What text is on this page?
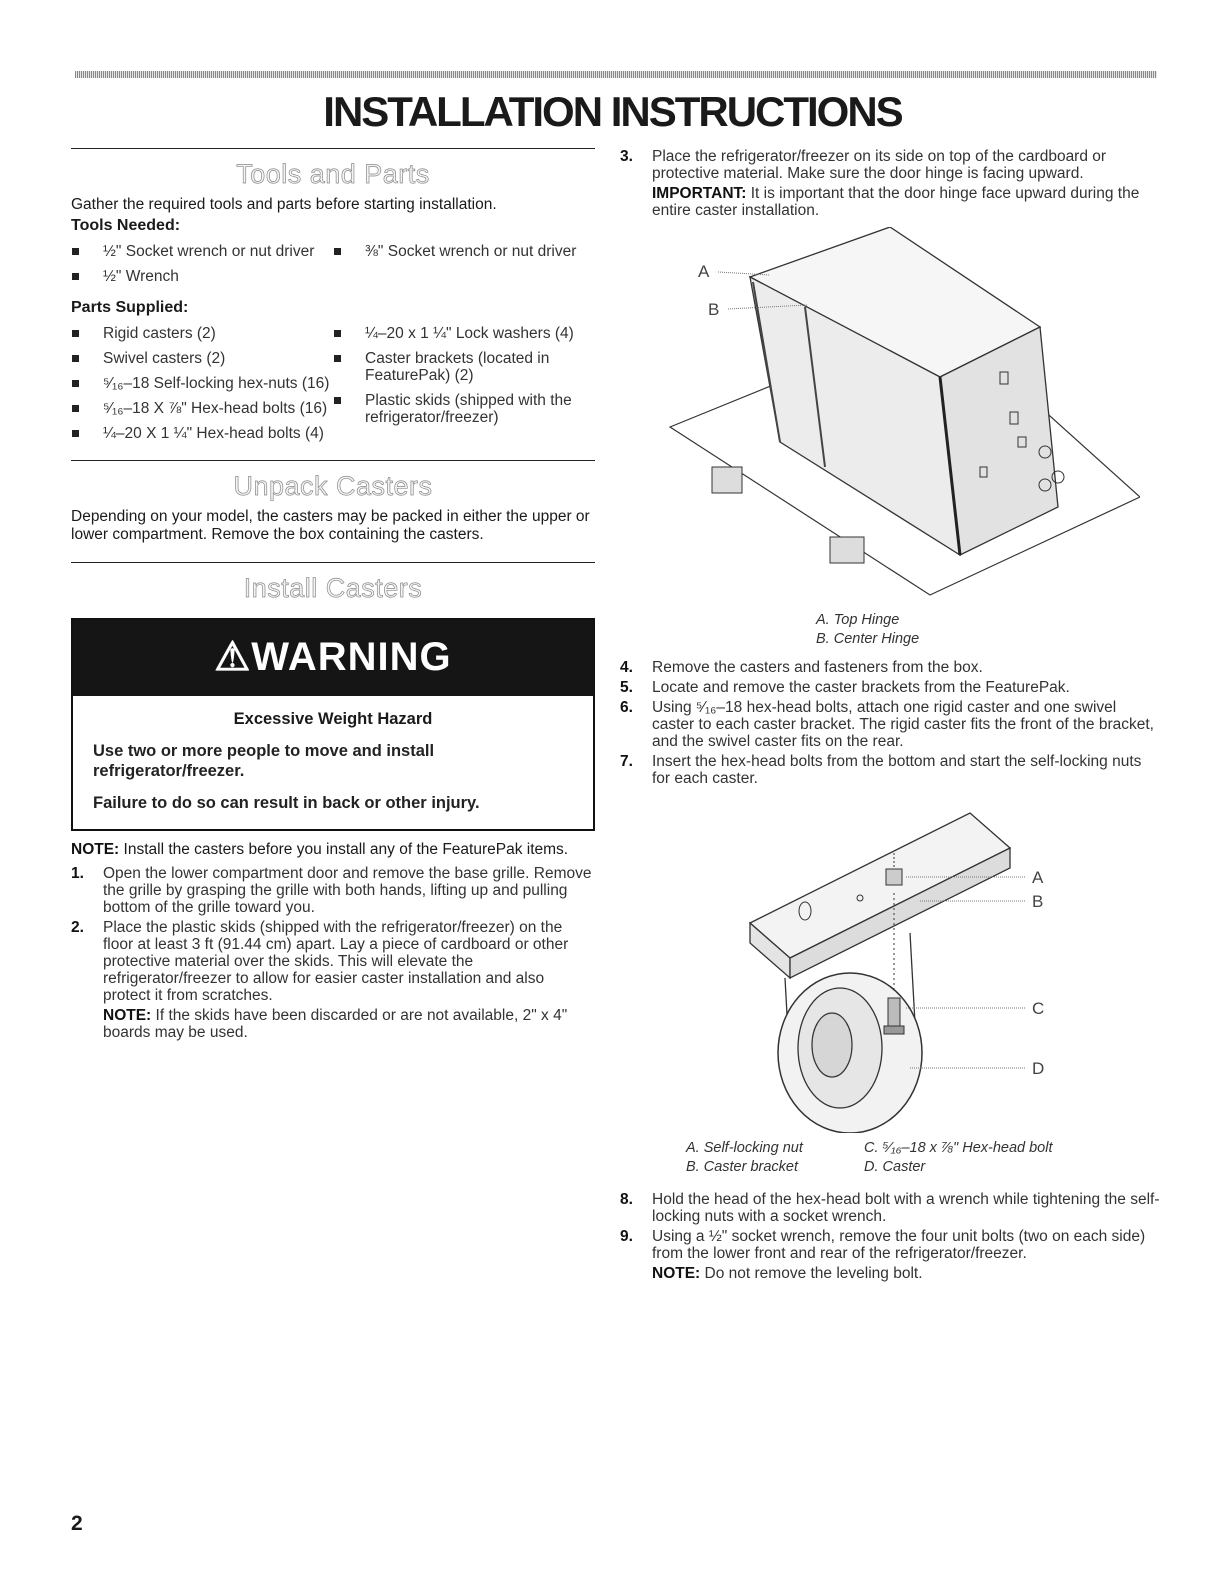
INSTALLATION INSTRUCTIONS
Tools and Parts

Gather the required tools and parts before starting installation.

Tools Needed:

½" Socket wrench or nut driver
½" Wrench
⅜" Socket wrench or nut driver

Parts Supplied:

Rigid casters (2)
Swivel casters (2)
⁵⁄₁₆–18 Self-locking hex-nuts (16)
⁵⁄₁₆–18 X ⅞" Hex-head bolts (16)
¼–20 X 1 ¼" Hex-head bolts (4)
¼–20 x 1 ¼" Lock washers (4)
Caster brackets (located in FeaturePak) (2)
Plastic skids (shipped with the refrigerator/freezer)
Unpack Casters

Depending on your model, the casters may be packed in either the upper or lower compartment. Remove the box containing the casters.

Install Casters
⚠WARNING
Excessive Weight Hazard

Use two or more people to move and install refrigerator/freezer.

Failure to do so can result in back or other injury.

NOTE: Install the casters before you install any of the FeaturePak items.

1.	Open the lower compartment door and remove the base grille. Remove the grille by grasping the grille with both hands, lifting up and pulling bottom of the grille toward you.
2.	Place the plastic skids (shipped with the refrigerator/freezer) on the floor at least 3 ft (91.44 cm) apart. Lay a piece of cardboard or other protective material over the skids. This will elevate the refrigerator/freezer to allow for easier caster installation and also protect it from scratches.
NOTE: If the skids have been discarded or are not available, 2" x 4" boards may be used.
3.	Place the refrigerator/freezer on its side on top of the cardboard or protective material. Make sure the door hinge is facing upward.
IMPORTANT: It is important that the door hinge face upward during the entire caster installation.
A
B
A. Top Hinge
B. Center Hinge
4.	Remove the casters and fasteners from the box.
5.	Locate and remove the caster brackets from the FeaturePak.
6.	Using ⁵⁄₁₆–18 hex-head bolts, attach one rigid caster and one swivel caster to each caster bracket. The rigid caster fits the front of the bracket, and the swivel caster fits on the rear.
7.	Insert the hex-head bolts from the bottom and start the self-locking nuts for each caster.
A
B
C
D
A. Self-locking nut
B. Caster bracket
C. ⁵⁄₁₆–18 x ⅞" Hex-head bolt
D. Caster
8.	Hold the head of the hex-head bolt with a wrench while tightening the self-locking nuts with a socket wrench.
9.	Using a ½" socket wrench, remove the four unit bolts (two on each side) from the lower front and rear of the refrigerator/freezer.
NOTE: Do not remove the leveling bolt.
2
